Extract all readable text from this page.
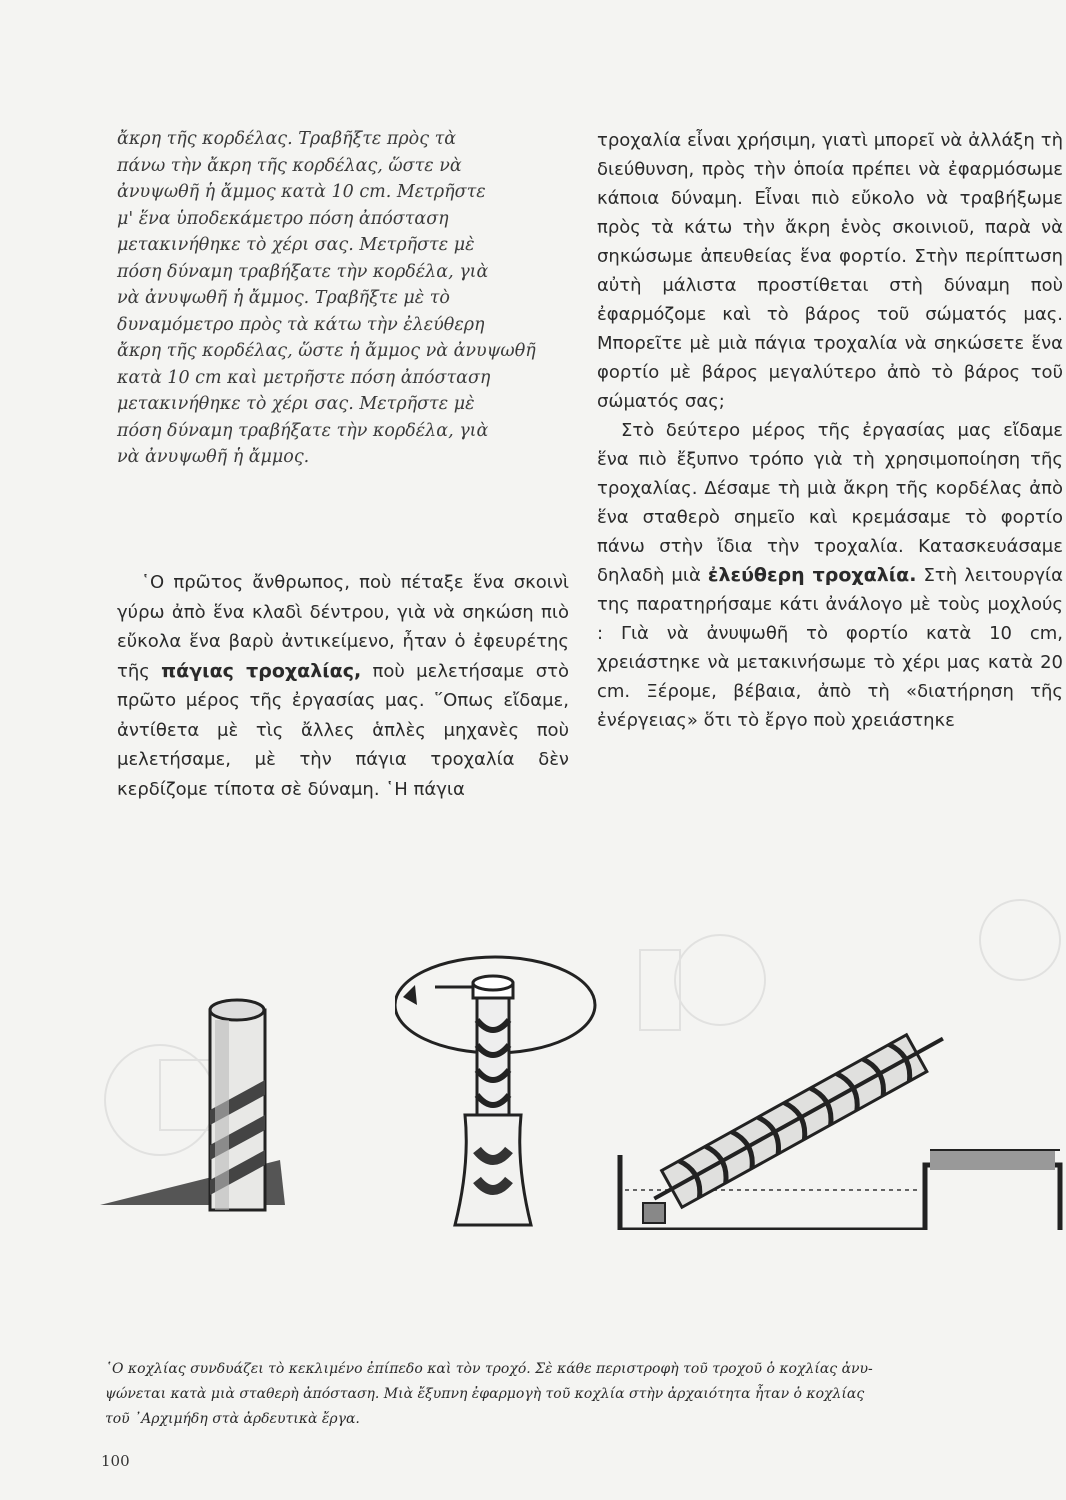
ἄκρη τῆς κορδέλας. Τραβῆξτε πρὸς τὰ

πάνω τὴν ἄκρη τῆς κορδέλας, ὥστε νὰ

ἀνυψωθῆ ἡ ἄμμος κατὰ 10 cm. Μετρῆστε

μ' ἕνα ὑποδεκάμετρο πόση ἀπόσταση

μετακινήθηκε τὸ χέρι σας. Μετρῆστε μὲ

πόση δύναμη τραβήξατε τὴν κορδέλα, γιὰ

νὰ ἀνυψωθῆ ἡ ἄμμος. Τραβῆξτε μὲ τὸ

δυναμόμετρο πρὸς τὰ κάτω τὴν ἐλεύθερη

ἄκρη τῆς κορδέλας, ὥστε ἡ ἄμμος νὰ ἀνυψωθῆ

κατὰ 10 cm καὶ μετρῆστε πόση ἀπόσταση

μετακινήθηκε τὸ χέρι σας. Μετρῆστε μὲ

πόση δύναμη τραβήξατε τὴν κορδέλα, γιὰ

νὰ ἀνυψωθῆ ἡ ἄμμος.

῾Ο πρῶτος ἄνθρωπος, ποὺ πέταξε ἕνα σκοινὶ γύρω ἀπὸ ἕνα κλαδὶ δέντρου, γιὰ νὰ σηκώση πιὸ εὔκολα ἕνα βαρὺ ἀντικείμενο, ἦταν ὁ ἐφευρέτης τῆς πάγιας τροχαλίας, ποὺ μελετήσαμε στὸ πρῶτο μέρος τῆς ἐργασίας μας. ῞Οπως εἴδαμε, ἀντίθετα μὲ τὶς ἄλλες ἁπλὲς μηχανὲς ποὺ μελετήσαμε, μὲ τὴν πάγια τροχαλία δὲν κερδίζομε τίποτα σὲ δύναμη. ῾Η πάγια

τροχαλία εἶναι χρήσιμη, γιατὶ μπορεῖ νὰ ἀλλάξη τὴ διεύθυνση, πρὸς τὴν ὁποία πρέπει νὰ ἐφαρμόσωμε κάποια δύναμη. Εἶναι πιὸ εὔκολο νὰ τραβήξωμε πρὸς τὰ κάτω τὴν ἄκρη ἑνὸς σκοινιοῦ, παρὰ νὰ σηκώσωμε ἀπευθείας ἕνα φορτίο. Στὴν περίπτωση αὐτὴ μάλιστα προστίθεται στὴ δύναμη ποὺ ἐφαρμόζομε καὶ τὸ βάρος τοῦ σώματός μας. Μπορεῖτε μὲ μιὰ πάγια τροχαλία νὰ σηκώσετε ἕνα φορτίο μὲ βάρος μεγαλύτερο ἀπὸ τὸ βάρος τοῦ σώματός σας;

Στὸ δεύτερο μέρος τῆς ἐργασίας μας εἴδαμε ἕνα πιὸ ἔξυπνο τρόπο γιὰ τὴ χρησιμοποίηση τῆς τροχαλίας. Δέσαμε τὴ μιὰ ἄκρη τῆς κορδέλας ἀπὸ ἕνα σταθερὸ σημεῖο καὶ κρεμάσαμε τὸ φορτίο πάνω στὴν ἴδια τὴν τροχαλία. Κατασκευάσαμε δηλαδὴ μιὰ ἐλεύθερη τροχαλία. Στὴ λειτουργία της παρατηρήσαμε κάτι ἀνάλογο μὲ τοὺς μοχλούς : Γιὰ νὰ ἀνυψωθῆ τὸ φορτίο κατὰ 10 cm, χρειάστηκε νὰ μετακινήσωμε τὸ χέρι μας κατὰ 20 cm. Ξέρομε, βέβαια, ἀπὸ τὴ «διατήρηση τῆς ἐνέργειας» ὅτι τὸ ἔργο ποὺ χρειάστηκε

῾Ο κοχλίας συνδυάζει τὸ κεκλιμένο ἐπίπεδο καὶ τὸν τροχό. Σὲ κάθε περιστροφὴ τοῦ τροχοῦ ὁ κοχλίας ἀνυ-

ψώνεται κατὰ μιὰ σταθερὴ ἀπόσταση. Μιὰ ἔξυπνη ἐφαρμογὴ τοῦ κοχλία στὴν ἀρχαιότητα ἦταν ὁ κοχλίας

τοῦ ᾿Αρχιμήδη στὰ ἀρδευτικὰ ἔργα.

100
